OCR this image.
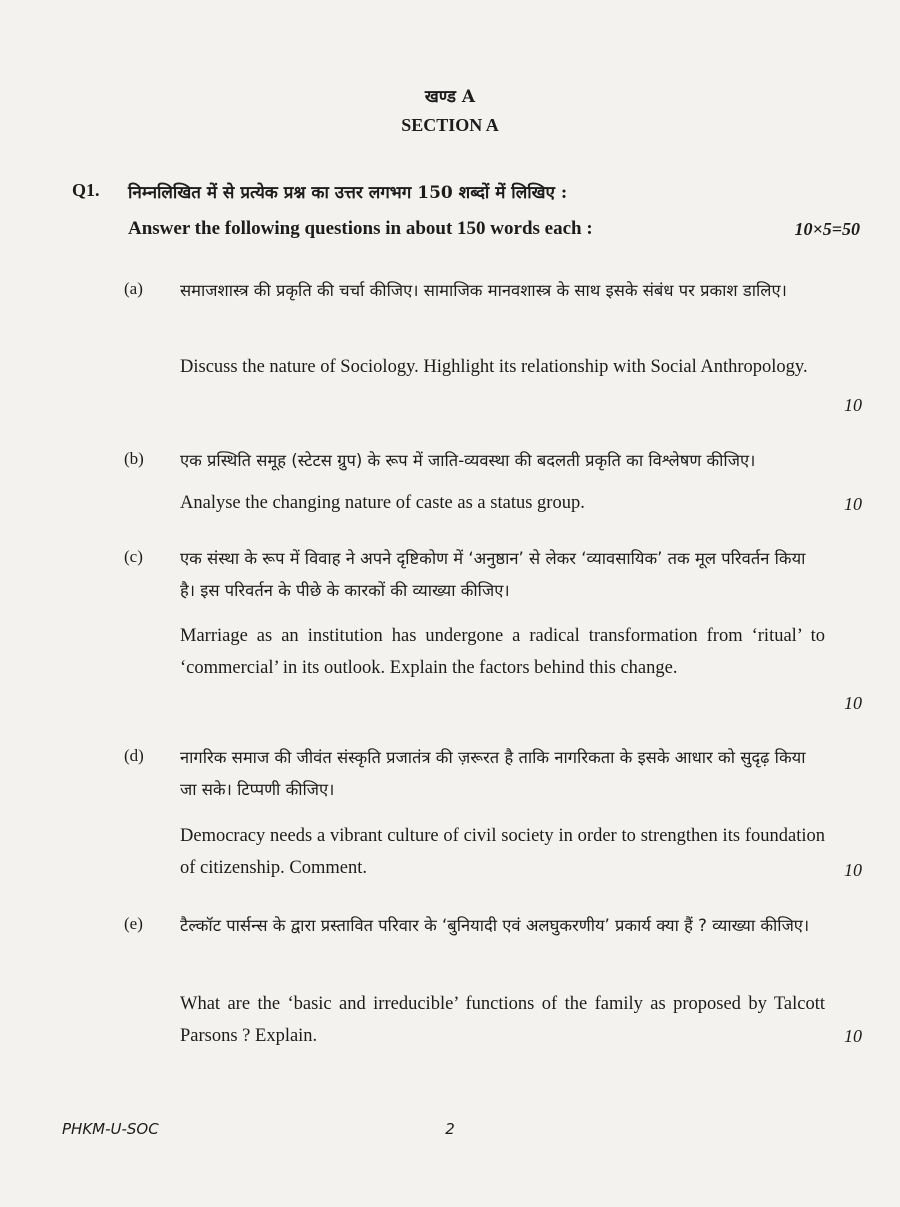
खण्ड A
SECTION A
Q1. निम्नलिखित में से प्रत्येक प्रश्न का उत्तर लगभग 150 शब्दों में लिखिए :
Answer the following questions in about 150 words each :	10×5=50
(a) समाजशास्त्र की प्रकृति की चर्चा कीजिए। सामाजिक मानवशास्त्र के साथ इसके संबंध पर प्रकाश डालिए।
Discuss the nature of Sociology. Highlight its relationship with Social Anthropology.
10
(b) एक प्रस्थिति समूह (स्टेटस ग्रुप) के रूप में जाति-व्यवस्था की बदलती प्रकृति का विश्लेषण कीजिए।
Analyse the changing nature of caste as a status group.	10
(c) एक संस्था के रूप में विवाह ने अपने दृष्टिकोण में ‘अनुष्ठान’ से लेकर ‘व्यावसायिक’ तक मूल परिवर्तन किया है। इस परिवर्तन के पीछे के कारकों की व्याख्या कीजिए।
Marriage as an institution has undergone a radical transformation from ‘ritual’ to ‘commercial’ in its outlook. Explain the factors behind this change.
10
(d) नागरिक समाज की जीवंत संस्कृति प्रजातंत्र की ज़रूरत है ताकि नागरिकता के इसके आधार को सुदृढ़ किया जा सके। टिप्पणी कीजिए।
Democracy needs a vibrant culture of civil society in order to strengthen its foundation of citizenship. Comment.	10
(e) टैल्कॉट पार्सन्स के द्वारा प्रस्तावित परिवार के ‘बुनियादी एवं अलघुकरणीय’ प्रकार्य क्या हैं ? व्याख्या कीजिए।
What are the ‘basic and irreducible’ functions of the family as proposed by Talcott Parsons ? Explain.	10
PHKM-U-SOC	2
